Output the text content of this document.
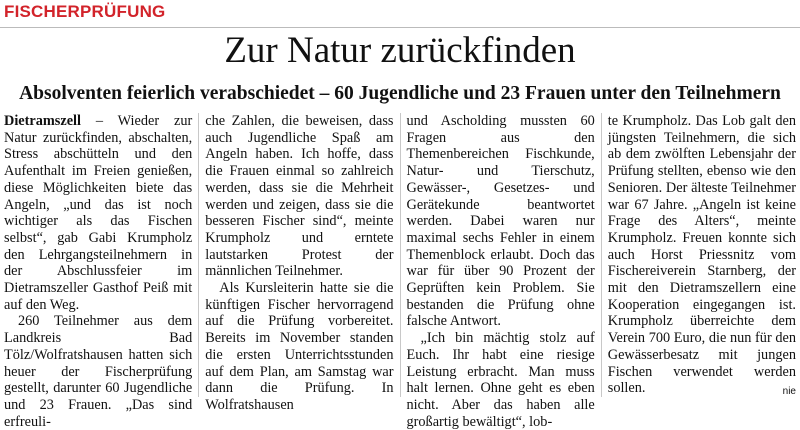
FISCHERPRÜFUNG
Zur Natur zurückfinden
Absolventen feierlich verabschiedet – 60 Jugendliche und 23 Frauen unter den Teilnehmern

Dietramszell – Wieder zur Natur zurückfinden, abschalten, Stress abschütteln und den Aufenthalt im Freien genießen, diese Möglichkeiten biete das Angeln, „und das ist noch wichtiger als das Fischen selbst“, gab Gabi Krumpholz den Lehrgangsteilnehmern in der Abschlussfeier im Dietramszeller Gasthof Peiß mit auf den Weg.

260 Teilnehmer aus dem Landkreis Bad Tölz/Wolfratshausen hatten sich heuer der Fischerprüfung gestellt, darunter 60 Jugendliche und 23 Frauen. „Das sind erfreuli-

che Zahlen, die beweisen, dass auch Jugendliche Spaß am Angeln haben. Ich hoffe, dass die Frauen einmal so zahlreich werden, dass sie die Mehrheit werden und zeigen, dass sie die besseren Fischer sind“, meinte Krumpholz und erntete lautstarken Protest der männlichen Teilnehmer.

Als Kursleiterin hatte sie die künftigen Fischer hervorragend auf die Prüfung vorbereitet. Bereits im November standen die ersten Unterrichtsstunden auf dem Plan, am Samstag war dann die Prüfung. In Wolfratshausen

und Ascholding mussten 60 Fragen aus den Themenbereichen Fischkunde, Natur- und Tierschutz, Gewässer-, Gesetzes- und Gerätekunde beantwortet werden. Dabei waren nur maximal sechs Fehler in einem Themenblock erlaubt. Doch das war für über 90 Prozent der Geprüften kein Problem. Sie bestanden die Prüfung ohne falsche Antwort.

„Ich bin mächtig stolz auf Euch. Ihr habt eine riesige Leistung erbracht. Man muss halt lernen. Ohne geht es eben nicht. Aber das haben alle großartig bewältigt“, lob-

te Krumpholz. Das Lob galt den jüngsten Teilnehmern, die sich ab dem zwölften Lebensjahr der Prüfung stellten, ebenso wie den Senioren. Der älteste Teilnehmer war 67 Jahre. „Angeln ist keine Frage des Alters“, meinte Krumpholz. Freuen konnte sich auch Horst Priessnitz vom Fischereiverein Starnberg, der mit den Dietramszellern eine Kooperation eingegangen ist. Krumpholz überreichte dem Verein 700 Euro, die nun für den Gewässerbesatz mit jungen Fischen verwendet werden sollen.	nie
